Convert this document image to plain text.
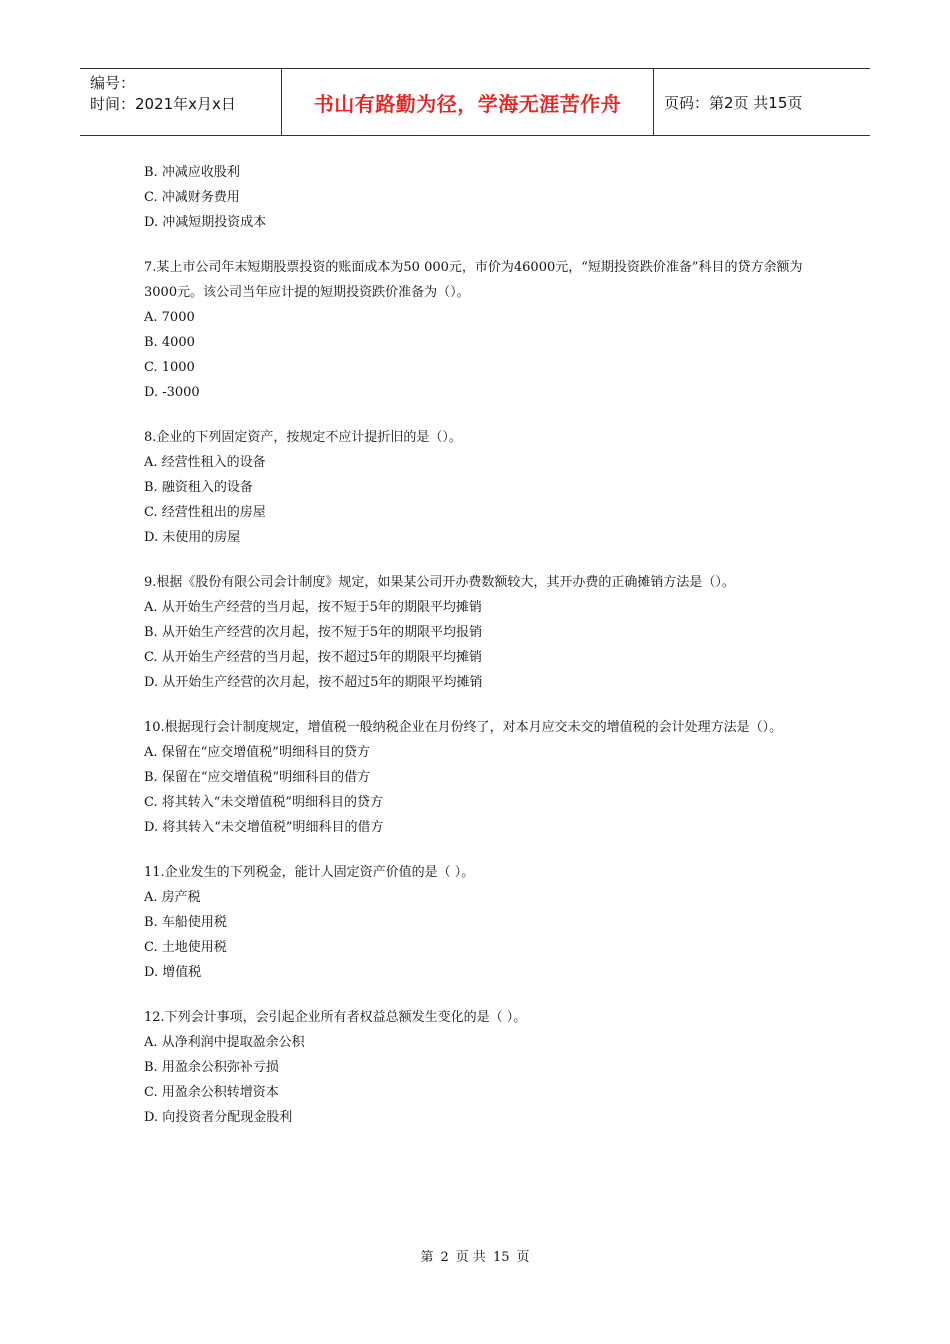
编号：
时间：2021年x月x日	书山有路勤为径，学海无涯苦作舟	页码：第2页 共15页
B. 冲减应收股利
C. 冲减财务费用
D. 冲减短期投资成本
7.某上市公司年末短期股票投资的账面成本为50 000元，市价为46000元，“短期投资跌价准备”科目的贷方余额为3000元。该公司当年应计提的短期投资跌价准备为（）。
A. 7000
B. 4000
C. 1000
D. -3000
8.企业的下列固定资产，按规定不应计提折旧的是（）。
A. 经营性租入的设备
B. 融资租入的设备
C. 经营性租出的房屋
D. 未使用的房屋
9.根据《股份有限公司会计制度》规定，如果某公司开办费数额较大，其开办费的正确摊销方法是（）。
A. 从开始生产经营的当月起，按不短于5年的期限平均摊销
B. 从开始生产经营的次月起，按不短于5年的期限平均报销
C. 从开始生产经营的当月起，按不超过5年的期限平均摊销
D. 从开始生产经营的次月起，按不超过5年的期限平均摊销
10.根据现行会计制度规定，增值税一般纳税企业在月份终了，对本月应交未交的增值税的会计处理方法是（）。
A. 保留在“应交增值税”明细科目的贷方
B. 保留在“应交增值税”明细科目的借方
C. 将其转入“未交增值税”明细科目的贷方
D. 将其转入“未交增值税”明细科目的借方
11.企业发生的下列税金，能计人固定资产价值的是（ ）。
A. 房产税
B. 车船使用税
C. 土地使用税
D. 增值税
12.下列会计事项，会引起企业所有者权益总额发生变化的是（ ）。
A. 从净利润中提取盈余公积
B. 用盈余公积弥补亏损
C. 用盈余公积转增资本
D. 向投资者分配现金股利
第 2 页 共 15 页
